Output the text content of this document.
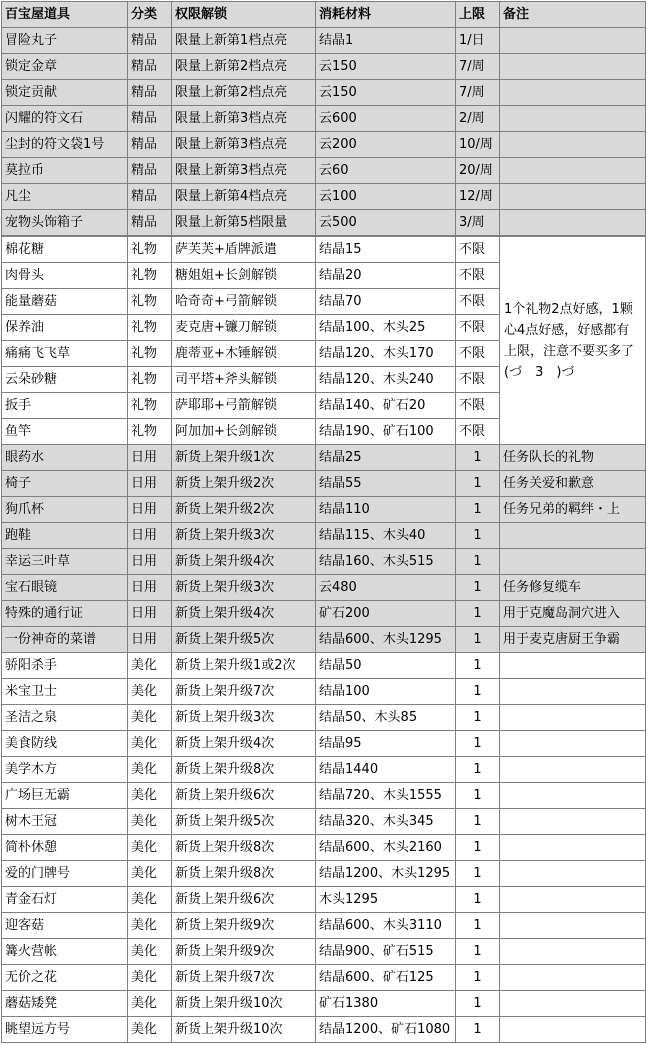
百宝屋道具	分类	权限解锁	消耗材料	上限	备注
冒险丸子	精品	限量上新第1档点亮	结晶1	1/日	
锁定金章	精品	限量上新第2档点亮	云150	7/周	
锁定贡献	精品	限量上新第2档点亮	云150	7/周	
闪耀的符文石	精品	限量上新第3档点亮	云600	2/周	
尘封的符文袋1号	精品	限量上新第3档点亮	云200	10/周	
莫拉币	精品	限量上新第3档点亮	云60	20/周	
凡尘	精品	限量上新第4档点亮	云100	12/周	
宠物头饰箱子	精品	限量上新第5档限量	云500	3/周	
棉花糖	礼物	萨芙芙+盾牌派遣	结晶15	不限	1个礼物2点好感，1颗心4点好感，好感都有上限，注意不要买多了(づ　3　)づ
肉骨头	礼物	糖姐姐+长剑解锁	结晶20	不限	
能量蘑菇	礼物	哈奇奇+弓箭解锁	结晶70	不限	
保养油	礼物	麦克唐+镰刀解锁	结晶100、木头25	不限	
痛痛飞飞草	礼物	鹿蒂亚+木锤解锁	结晶120、木头170	不限	
云朵砂糖	礼物	司平塔+斧头解锁	结晶120、木头240	不限	
扳手	礼物	萨耶耶+弓箭解锁	结晶140、矿石20	不限	
鱼竿	礼物	阿加加+长剑解锁	结晶190、矿石100	不限	
眼药水	日用	新货上架升级1次	结晶25	1	任务队长的礼物
椅子	日用	新货上架升级2次	结晶55	1	任务关爱和歉意
狗爪杯	日用	新货上架升级2次	结晶110	1	任务兄弟的羁绊・上
跑鞋	日用	新货上架升级3次	结晶115、木头40	1	
幸运三叶草	日用	新货上架升级4次	结晶160、木头515	1	
宝石眼镜	日用	新货上架升级3次	云480	1	任务修复缆车
特殊的通行证	日用	新货上架升级4次	矿石200	1	用于克魔岛洞穴进入
一份神奇的菜谱	日用	新货上架升级5次	结晶600、木头1295	1	用于麦克唐厨王争霸
骄阳杀手	美化	新货上架升级1或2次	结晶50	1	
米宝卫士	美化	新货上架升级7次	结晶100	1	
圣洁之泉	美化	新货上架升级3次	结晶50、木头85	1	
美食防线	美化	新货上架升级4次	结晶95	1	
美学木方	美化	新货上架升级8次	结晶1440	1	
广场巨无霸	美化	新货上架升级6次	结晶720、木头1555	1	
树木王冠	美化	新货上架升级5次	结晶320、木头345	1	
简朴休憩	美化	新货上架升级8次	结晶600、木头2160	1	
爱的门牌号	美化	新货上架升级8次	结晶1200、木头1295	1	
青金石灯	美化	新货上架升级6次	木头1295	1	
迎客菇	美化	新货上架升级9次	结晶600、木头3110	1	
篝火营帐	美化	新货上架升级9次	结晶900、矿石515	1	
无价之花	美化	新货上架升级7次	结晶600、矿石125	1	
蘑菇矮凳	美化	新货上架升级10次	矿石1380	1	
眺望远方号	美化	新货上架升级10次	结晶1200、矿石1080	1	
